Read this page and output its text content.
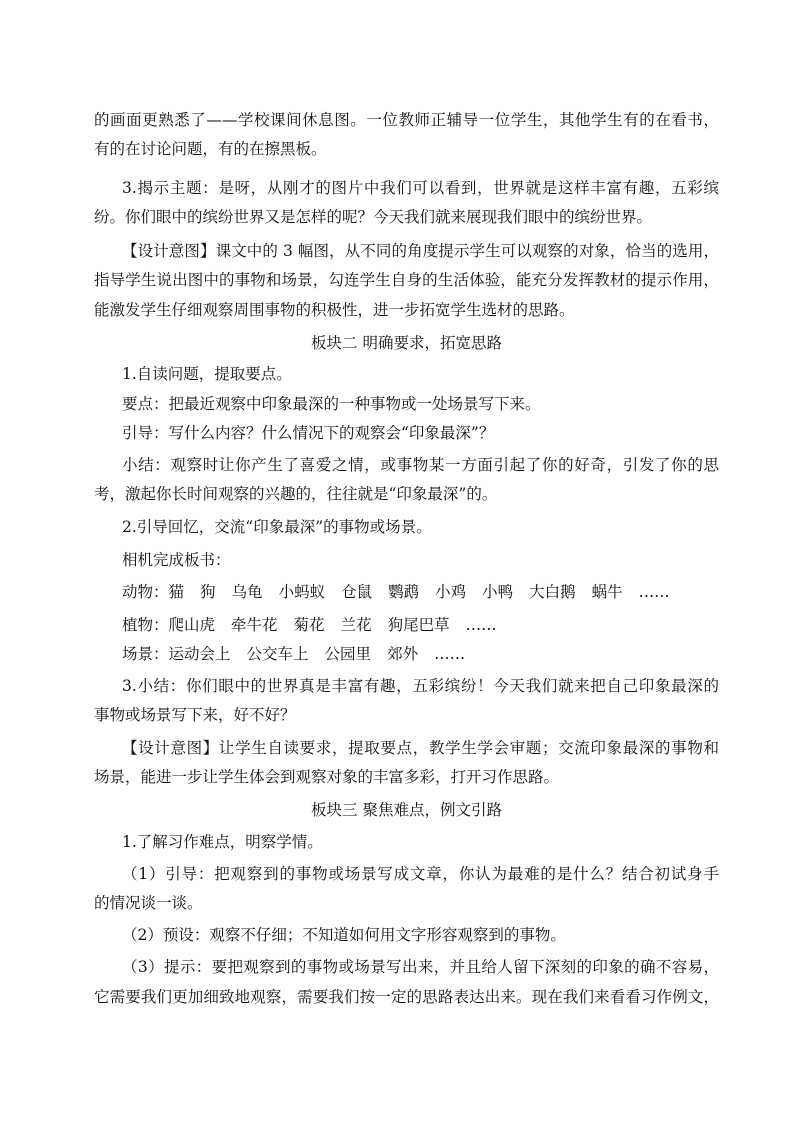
的画面更熟悉了——学校课间休息图。一位教师正辅导一位学生，其他学生有的在看书，
有的在讨论问题，有的在擦黑板。
3.揭示主题：是呀，从刚才的图片中我们可以看到，世界就是这样丰富有趣，五彩缤
纷。你们眼中的缤纷世界又是怎样的呢？今天我们就来展现我们眼中的缤纷世界。
【设计意图】课文中的 3 幅图，从不同的角度提示学生可以观察的对象，恰当的选用，
指导学生说出图中的事物和场景，勾连学生自身的生活体验，能充分发挥教材的提示作用，
能激发学生仔细观察周围事物的积极性，进一步拓宽学生选材的思路。
板块二 明确要求，拓宽思路
1.自读问题，提取要点。
要点：把最近观察中印象最深的一种事物或一处场景写下来。
引导：写什么内容？什么情况下的观察会“印象最深”？
小结：观察时让你产生了喜爱之情，或事物某一方面引起了你的好奇，引发了你的思
考，激起你长时间观察的兴趣的，往往就是“印象最深”的。
2.引导回忆，交流“印象最深”的事物或场景。
相机完成板书：
动物：猫 狗 乌龟 小蚂蚁 仓鼠 鹦鹉 小鸡 小鸭 大白鹅 蜗牛 ……
植物：爬山虎 牵牛花 菊花 兰花 狗尾巴草 ……
场景：运动会上 公交车上 公园里 郊外 ……
3.小结：你们眼中的世界真是丰富有趣，五彩缤纷！今天我们就来把自己印象最深的
事物或场景写下来，好不好？
【设计意图】让学生自读要求，提取要点，教学生学会审题；交流印象最深的事物和
场景，能进一步让学生体会到观察对象的丰富多彩，打开习作思路。
板块三 聚焦难点，例文引路
1.了解习作难点，明察学情。
（1）引导：把观察到的事物或场景写成文章，你认为最难的是什么？结合初试身手
的情况谈一谈。
（2）预设：观察不仔细；不知道如何用文字形容观察到的事物。
（3）提示：要把观察到的事物或场景写出来，并且给人留下深刻的印象的确不容易，
它需要我们更加细致地观察，需要我们按一定的思路表达出来。现在我们来看看习作例文，
